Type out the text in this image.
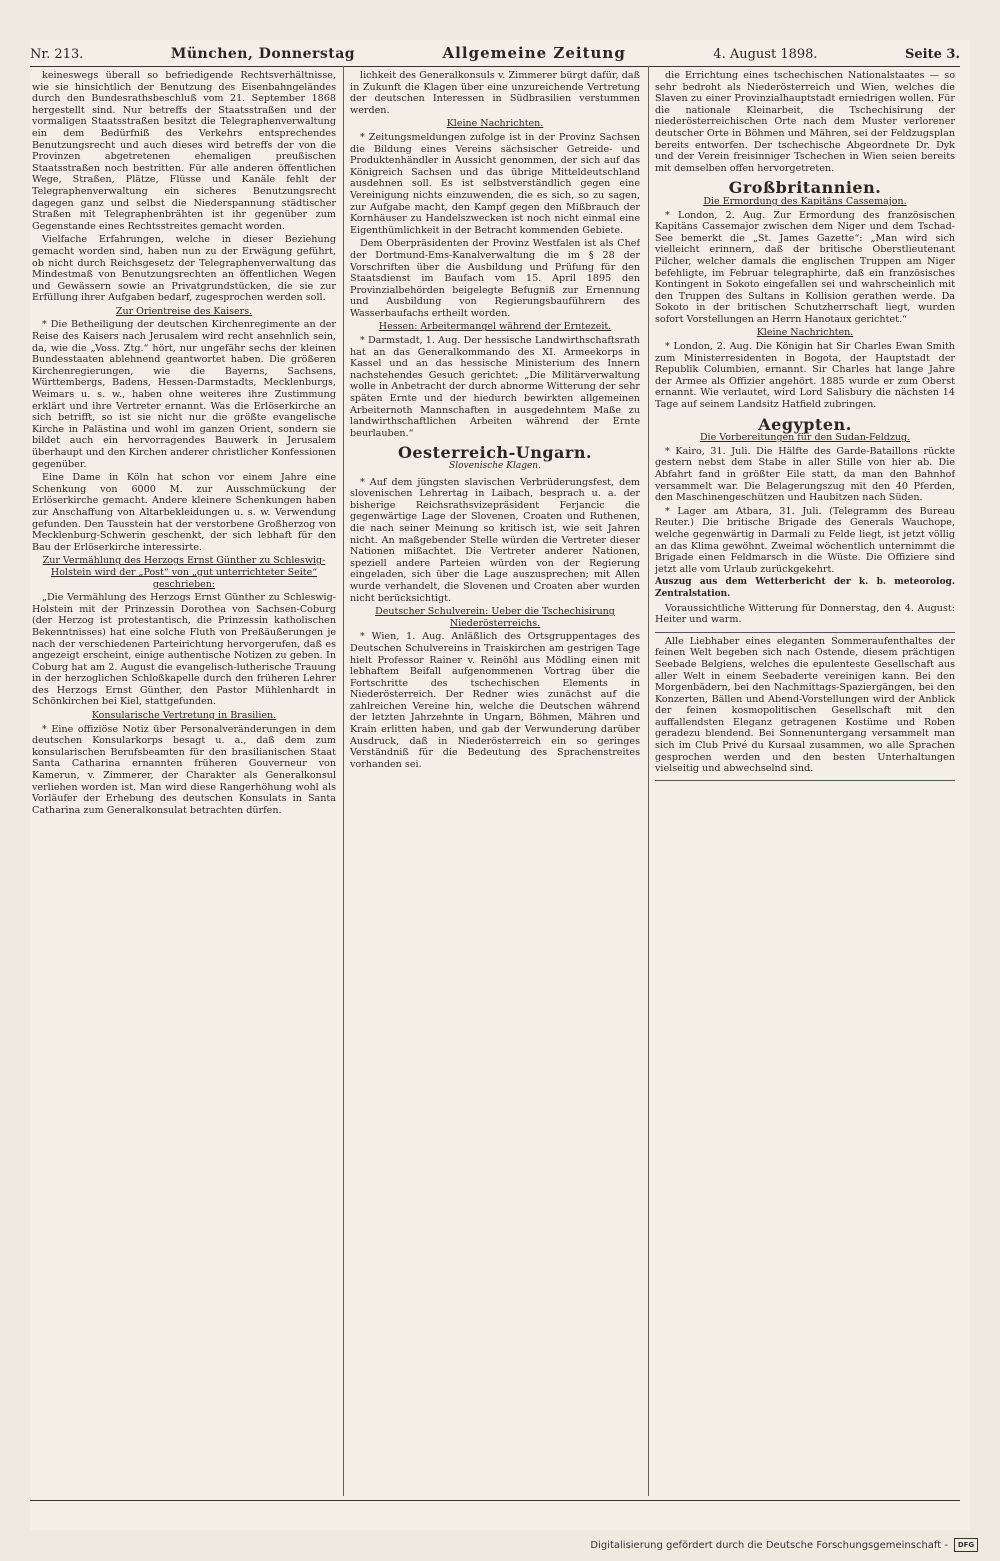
Nr. 213.	München, Donnerstag	Allgemeine Zeitung	4. August 1898.	Seite 3.

keineswegs überall so befriedigende Rechtsverhältnisse, wie sie hinsichtlich der Benutzung des Eisenbahngeländes durch den Bundesrathsbeschluß vom 21. September 1868 hergestellt sind. Nur betreffs der Staatsstraßen und der vormaligen Staatsstraßen besitzt die Telegraphenverwaltung ein dem Bedürfniß des Verkehrs entsprechendes Benutzungsrecht und auch dieses wird betreffs der von die Provinzen abgetretenen ehemaligen preußischen Staatsstraßen noch bestritten. Für alle anderen öffentlichen Wege, Straßen, Plätze, Flüsse und Kanäle fehlt der Telegraphenverwaltung ein sicheres Benutzungsrecht dagegen ganz und selbst die Niederspannung städtischer Straßen mit Telegraphenbrähten ist ihr gegenüber zum Gegenstande eines Rechtsstreites gemacht worden.

Vielfache Erfahrungen, welche in dieser Beziehung gemacht worden sind, haben nun zu der Erwägung geführt, ob nicht durch Reichsgesetz der Telegraphenverwaltung das Mindestmaß von Benutzungsrechten an öffentlichen Wegen und Gewässern sowie an Privatgrundstücken, die sie zur Erfüllung ihrer Aufgaben bedarf, zugesprochen werden soll.

Zur Orientreise des Kaisers.

* Die Betheiligung der deutschen Kirchenregimente an der Reise des Kaisers nach Jerusalem wird recht ansehnlich sein, da, wie die „Voss. Ztg.“ hört, nur ungefähr sechs der kleinen Bundesstaaten ablehnend geantwortet haben. Die größeren Kirchenregierungen, wie die Bayerns, Sachsens, Württembergs, Badens, Hessen-Darmstadts, Mecklenburgs, Weimars u. s. w., haben ohne weiteres ihre Zustimmung erklärt und ihre Vertreter ernannt. Was die Erlöserkirche an sich betrifft, so ist sie nicht nur die größte evangelische Kirche in Palästina und wohl im ganzen Orient, sondern sie bildet auch ein hervorragendes Bauwerk in Jerusalem überhaupt und den Kirchen anderer christlicher Konfessionen gegenüber.

Eine Dame in Köln hat schon vor einem Jahre eine Schenkung von 6000 M. zur Ausschmückung der Erlöserkirche gemacht. Andere kleinere Schenkungen haben zur Anschaffung von Altarbekleidungen u. s. w. Verwendung gefunden. Den Tausstein hat der verstorbene Großherzog von Mecklenburg-Schwerin geschenkt, der sich lebhaft für den Bau der Erlöserkirche interessirte.

Zur Vermählung des Herzogs Ernst Günther zu Schleswig-Holstein wird der „Post“ von „gut unterrichteter Seite“ geschrieben:

„Die Vermählung des Herzogs Ernst Günther zu Schleswig-Holstein mit der Prinzessin Dorothea von Sachsen-Coburg (der Herzog ist protestantisch, die Prinzessin katholischen Bekenntnisses) hat eine solche Fluth von Preßäußerungen je nach der verschiedenen Parteirichtung hervorgerufen, daß es angezeigt erscheint, einige authentische Notizen zu geben. In Coburg hat am 2. August die evangelisch-lutherische Trauung in der herzoglichen Schloßkapelle durch den früheren Lehrer des Herzogs Ernst Günther, den Pastor Mühlenhardt in Schönkirchen bei Kiel, stattgefunden.

Konsularische Vertretung in Brasilien.

* Eine offiziöse Notiz über Personalveränderungen in dem deutschen Konsularkorps besagt u. a., daß dem zum konsularischen Berufsbeamten für den brasilianischen Staat Santa Catharina ernannten früheren Gouverneur von Kamerun, v. Zimmerer, der Charakter als Generalkonsul verliehen worden ist. Man wird diese Rangerhöhung wohl als Vorläufer der Erhebung des deutschen Konsulats in Santa Catharina zum Generalkonsulat betrachten dürfen.

lichkeit des Generalkonsuls v. Zimmerer bürgt dafür, daß in Zukunft die Klagen über eine unzureichende Vertretung der deutschen Interessen in Südbrasilien verstummen werden.

Kleine Nachrichten.

* Zeitungsmeldungen zufolge ist in der Provinz Sachsen die Bildung eines Vereins sächsischer Getreide- und Produktenhändler in Aussicht genommen, der sich auf das Königreich Sachsen und das übrige Mitteldeutschland ausdehnen soll. Es ist selbstverständlich gegen eine Vereinigung nichts einzuwenden, die es sich, so zu sagen, zur Aufgabe macht, den Kampf gegen den Mißbrauch der Kornhäuser zu Handelszwecken ist noch nicht einmal eine Eigenthümlichkeit in der Betracht kommenden Gebiete.

Dem Oberpräsidenten der Provinz Westfalen ist als Chef der Dortmund-Ems-Kanalverwaltung die im § 28 der Vorschriften über die Ausbildung und Prüfung für den Staatsdienst im Baufach vom 15. April 1895 den Provinzialbehörden beigelegte Befugniß zur Ernennung und Ausbildung von Regierungsbauführern des Wasserbaufachs ertheilt worden.

Hessen: Arbeitermangel während der Erntezeit.

* Darmstadt, 1. Aug. Der hessische Landwirthschaftsrath hat an das Generalkommando des XI. Armeekorps in Kassel und an das hessische Ministerium des Innern nachstehendes Gesuch gerichtet: „Die Militärverwaltung wolle in Anbetracht der durch abnorme Witterung der sehr späten Ernte und der hiedurch bewirkten allgemeinen Arbeiternoth Mannschaften in ausgedehntem Maße zu landwirthschaftlichen Arbeiten während der Ernte beurlauben.“

Oesterreich-Ungarn.
Slovenische Klagen.

* Auf dem jüngsten slavischen Verbrüderungsfest, dem slovenischen Lehrertag in Laibach, besprach u. a. der bisherige Reichsrathsvizepräsident Ferjancic die gegenwärtige Lage der Slovenen, Croaten und Ruthenen, die nach seiner Meinung so kritisch ist, wie seit Jahren nicht. An maßgebender Stelle würden die Vertreter dieser Nationen mißachtet. Die Vertreter anderer Nationen, speziell andere Parteien würden von der Regierung eingeladen, sich über die Lage auszusprechen; mit Allen wurde verhandelt, die Slovenen und Croaten aber wurden nicht berücksichtigt.

Deutscher Schulverein: Ueber die Tschechisirung Niederösterreichs.

* Wien, 1. Aug. Anläßlich des Ortsgruppentages des Deutschen Schulvereins in Traiskirchen am gestrigen Tage hielt Professor Rainer v. Reinöhl aus Mödling einen mit lebhaftem Beifall aufgenommenen Vortrag über die Fortschritte des tschechischen Elements in Niederösterreich. Der Redner wies zunächst auf die zahlreichen Vereine hin, welche die Deutschen während der letzten Jahrzehnte in Ungarn, Böhmen, Mähren und Krain erlitten haben, und gab der Verwunderung darüber Ausdruck, daß in Niederösterreich ein so geringes Verständniß für die Bedeutung des Sprachenstreites vorhanden sei.

die Errichtung eines tschechischen Nationalstaates — so sehr bedroht als Niederösterreich und Wien, welches die Slaven zu einer Provinzialhauptstadt erniedrigen wollen. Für die nationale Kleinarbeit, die Tschechisirung der niederösterreichischen Orte nach dem Muster verlorener deutscher Orte in Böhmen und Mähren, sei der Feldzugsplan bereits entworfen. Der tschechische Abgeordnete Dr. Dyk und der Verein freisinniger Tschechen in Wien seien bereits mit demselben offen hervorgetreten.

Großbritannien.

Die Ermordung des Kapitäns Cassemajon.

* London, 2. Aug. Zur Ermordung des französischen Kapitäns Cassemajor zwischen dem Niger und dem Tschad-See bemerkt die „St. James Gazette“: „Man wird sich vielleicht erinnern, daß der britische Oberstlieutenant Pilcher, welcher damals die englischen Truppen am Niger befehligte, im Februar telegraphirte, daß ein französisches Kontingent in Sokoto eingefallen sei und wahrscheinlich mit den Truppen des Sultans in Kollision gerathen werde. Da Sokoto in der britischen Schutzherrschaft liegt, wurden sofort Vorstellungen an Herrn Hanotaux gerichtet.“

Kleine Nachrichten.

* London, 2. Aug. Die Königin hat Sir Charles Ewan Smith zum Ministerresidenten in Bogota, der Hauptstadt der Republik Columbien, ernannt. Sir Charles hat lange Jahre der Armee als Offizier angehört. 1885 wurde er zum Oberst ernannt. Wie verlautet, wird Lord Salisbury die nächsten 14 Tage auf seinem Landsitz Hatfield zubringen.

Aegypten.

Die Vorbereitungen für den Sudan-Feldzug.

* Kairo, 31. Juli. Die Hälfte des Garde-Bataillons rückte gestern nebst dem Stabe in aller Stille von hier ab. Die Abfahrt fand in größter Eile statt, da man den Bahnhof versammelt war. Die Belagerungszug mit den 40 Pferden, den Maschinengeschützen und Haubitzen nach Süden.

* Lager am Atbara, 31. Juli. (Telegramm des Bureau Reuter.) Die britische Brigade des Generals Wauchope, welche gegenwärtig in Darmali zu Felde liegt, ist jetzt völlig an das Klima gewöhnt. Zweimal wöchentlich unternimmt die Brigade einen Feldmarsch in die Wüste. Die Offiziere sind jetzt alle vom Urlaub zurückgekehrt.

Auszug aus dem Wetterbericht der k. b. meteorolog. Zentralstation.

Voraussichtliche Witterung für Donnerstag, den 4. August: Heiter und warm.

Alle Liebhaber eines eleganten Sommeraufenthaltes der feinen Welt begeben sich nach Ostende, diesem prächtigen Seebade Belgiens, welches die epulenteste Gesellschaft aus aller Welt in einem Seebaderte vereinigen kann. Bei den Morgenbädern, bei den Nachmittags-Spaziergängen, bei den Konzerten, Bällen und Abend-Vorstellungen wird der Anblick der feinen kosmopolitischen Gesellschaft mit den auffallendsten Eleganz getragenen Kostüme und Roben geradezu blendend. Bei Sonnenuntergang versammelt man sich im Club Privé du Kursaal zusammen, wo alle Sprachen gesprochen werden und den besten Unterhaltungen vielseitig und abwechselnd sind.

Digitalisierung gefördert durch die Deutsche Forschungsgemeinschaft -	DFG
